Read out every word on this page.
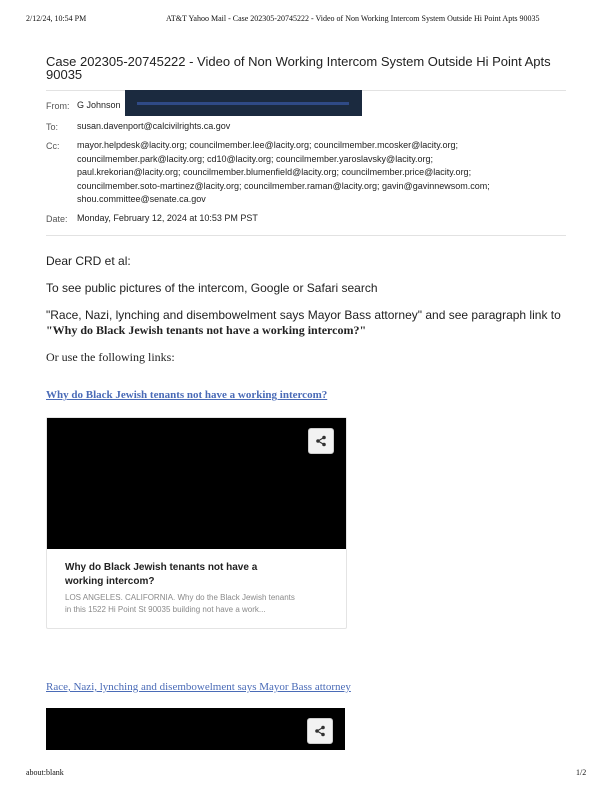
2/12/24, 10:54 PM	AT&T Yahoo Mail - Case 202305-20745222 - Video of Non Working Intercom System Outside Hi Point Apts 90035
Case 202305-20745222 - Video of Non Working Intercom System Outside Hi Point Apts
90035
From: G Johnson
To: susan.davenport@calcivilrights.ca.gov
Cc: mayor.helpdesk@lacity.org; councilmember.lee@lacity.org; councilmember.mcosker@lacity.org;
councilmember.park@lacity.org; cd10@lacity.org; councilmember.yaroslavsky@lacity.org;
paul.krekorian@lacity.org; councilmember.blumenfield@lacity.org; councilmember.price@lacity.org;
councilmember.soto-martinez@lacity.org; councilmember.raman@lacity.org; gavin@gavinnewsom.com;
shou.committee@senate.ca.gov
Date: Monday, February 12, 2024 at 10:53 PM PST
Dear CRD et al:
To see public pictures of the intercom, Google or Safari search
"Race, Nazi, lynching and disembowelment says Mayor Bass attorney" and see paragraph link to
"Why do Black Jewish tenants not have a working intercom?"
Or use the following links:
Why do Black Jewish tenants not have a working intercom?
Why do Black Jewish tenants not have a
working intercom?
LOS ANGELES. CALIFORNIA. Why do the Black Jewish tenants
in this 1522 Hi Point St 90035 building not have a work...
Race, Nazi, lynching and disembowelment says Mayor Bass attorney
about:blank	1/2
